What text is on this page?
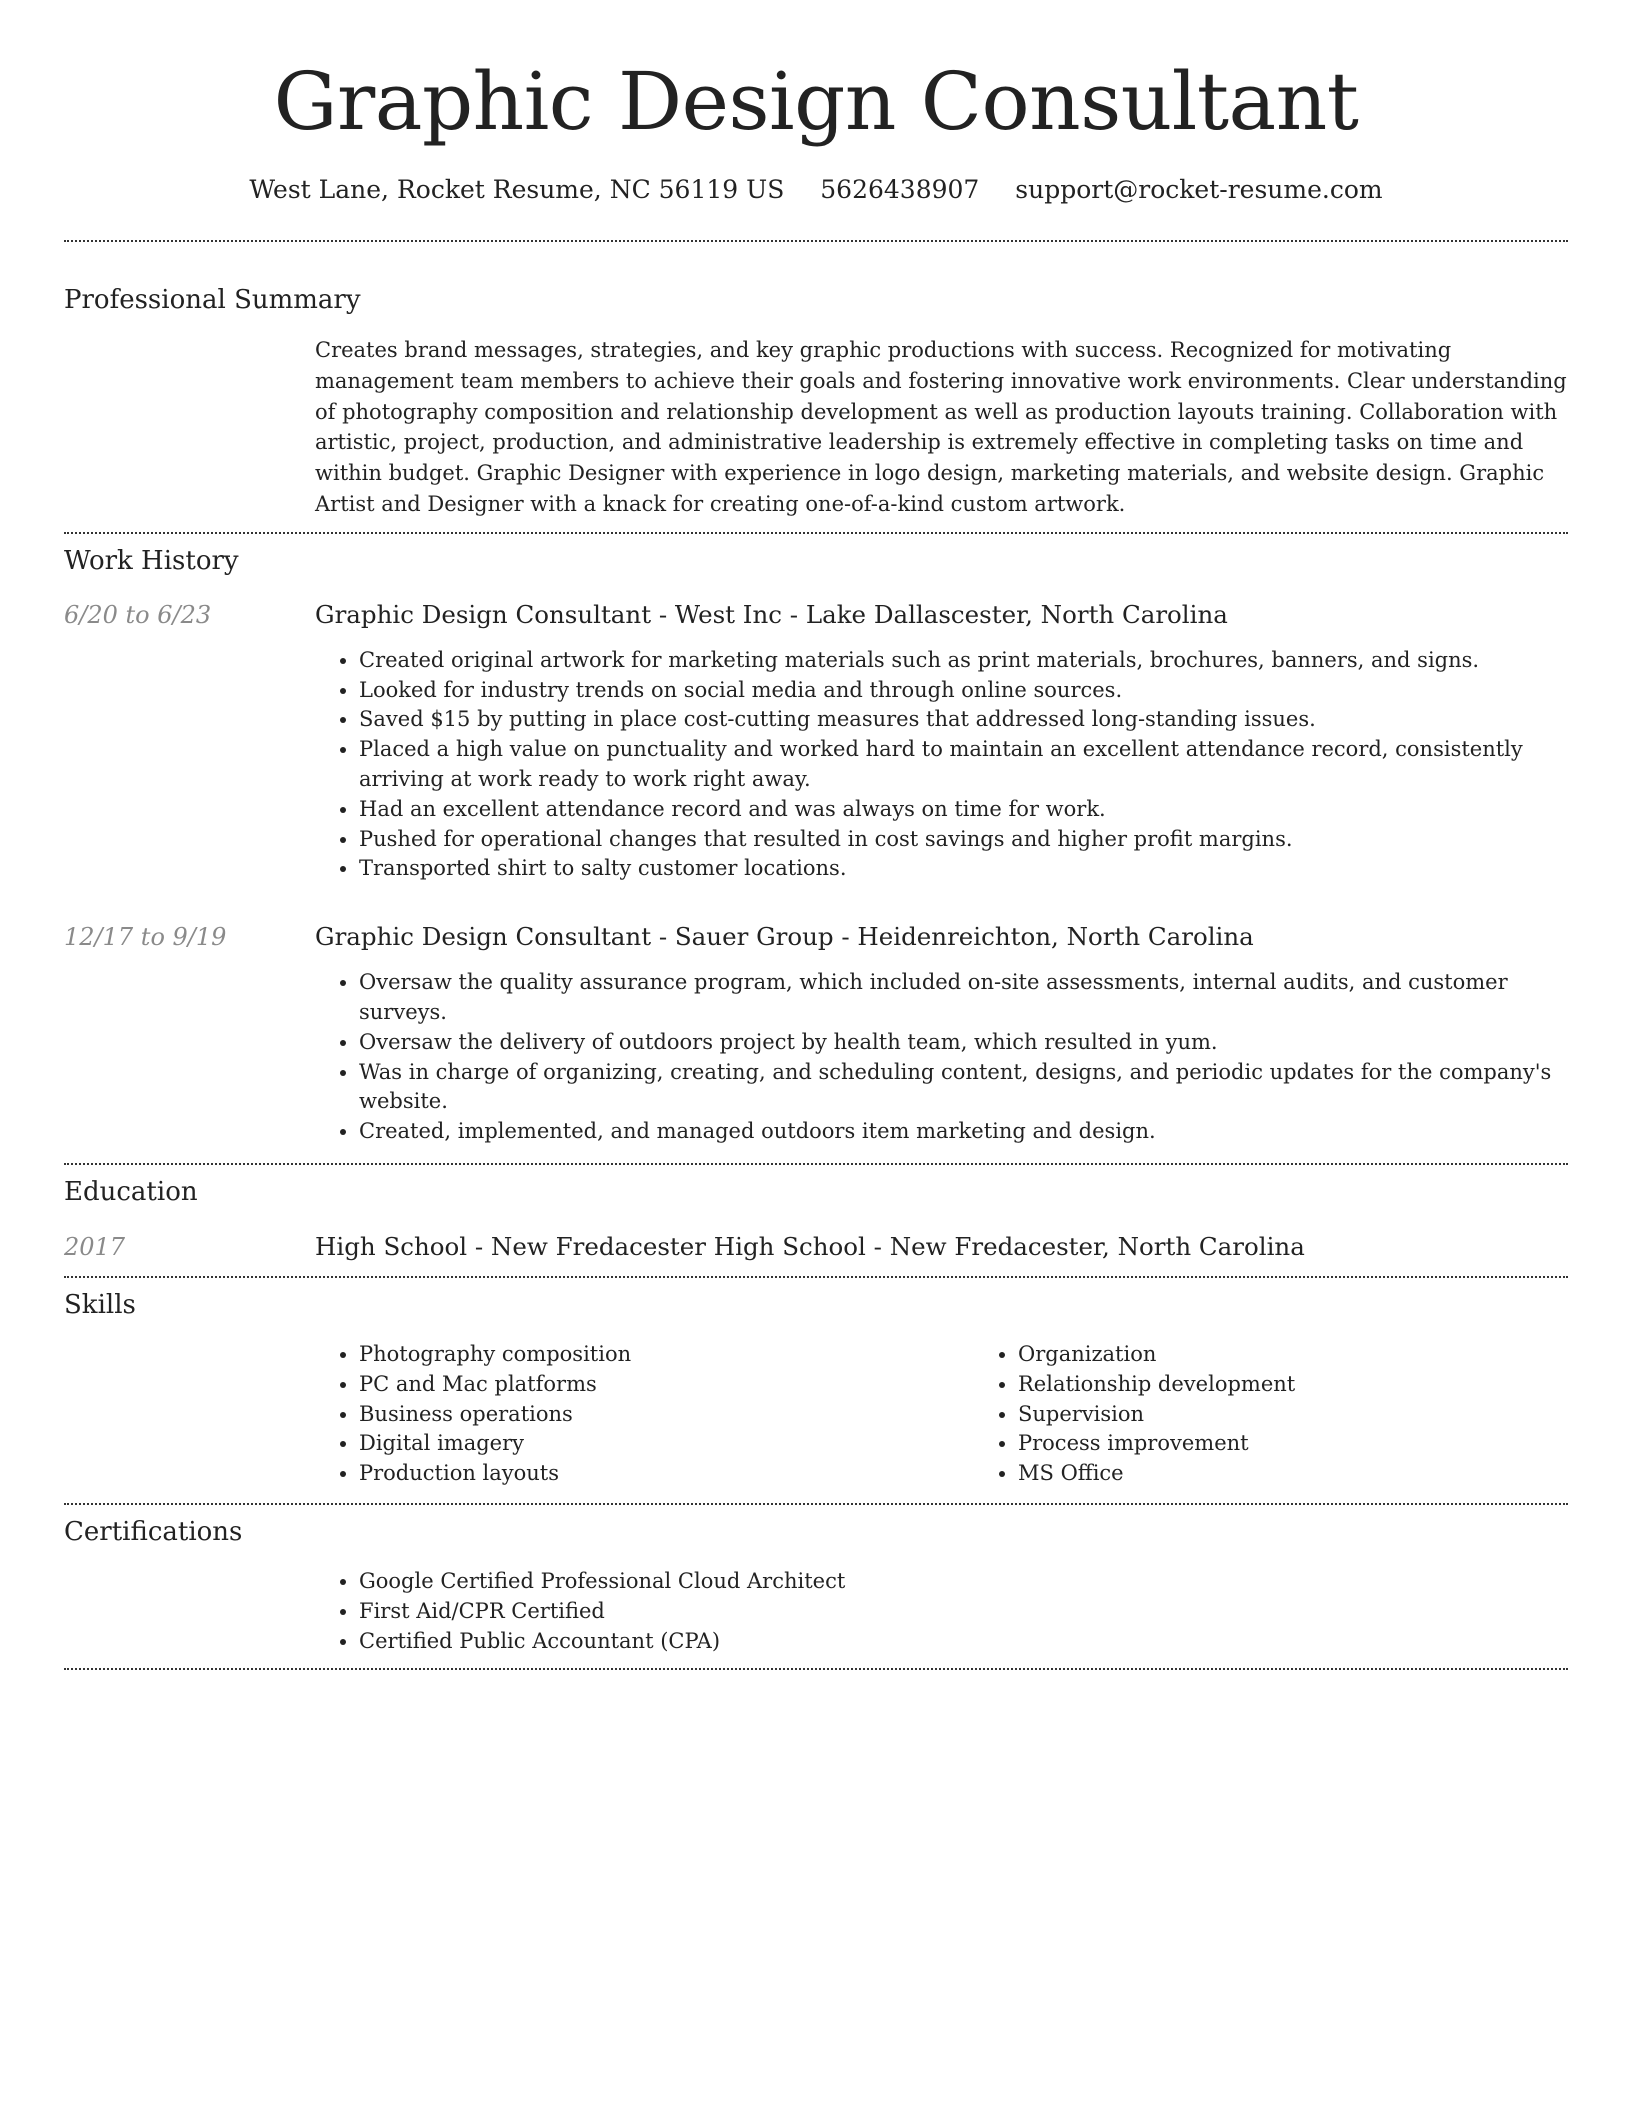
Graphic Design Consultant
West Lane, Rocket Resume, NC 56119 US 5626438907 support@rocket-resume.com
Professional Summary

Creates brand messages, strategies, and key graphic productions with success. Recognized for motivating management team members to achieve their goals and fostering innovative work environments. Clear understanding of photography composition and relationship development as well as production layouts training. Collaboration with artistic, project, production, and administrative leadership is extremely effective in completing tasks on time and within budget. Graphic Designer with experience in logo design, marketing materials, and website design. Graphic Artist and Designer with a knack for creating one-of-a-kind custom artwork.

Work History
6/20 to 6/23	Graphic Design Consultant - West Inc - Lake Dallascester, North Carolina

• Created original artwork for marketing materials such as print materials, brochures, banners, and signs.
• Looked for industry trends on social media and through online sources.
• Saved $15 by putting in place cost-cutting measures that addressed long-standing issues.
• Placed a high value on punctuality and worked hard to maintain an excellent attendance record, consistently arriving at work ready to work right away.
• Had an excellent attendance record and was always on time for work.
• Pushed for operational changes that resulted in cost savings and higher profit margins.
• Transported shirt to salty customer locations.
12/17 to 9/19	Graphic Design Consultant - Sauer Group - Heidenreichton, North Carolina

• Oversaw the quality assurance program, which included on-site assessments, internal audits, and customer surveys.
• Oversaw the delivery of outdoors project by health team, which resulted in yum.
• Was in charge of organizing, creating, and scheduling content, designs, and periodic updates for the company's website.
• Created, implemented, and managed outdoors item marketing and design.
Education
2017	High School - New Fredacester High School - New Fredacester, North Carolina

Skills
• Photography composition
• PC and Mac platforms
• Business operations
• Digital imagery
• Production layouts
• Organization
• Relationship development
• Supervision
• Process improvement
• MS Office
Certifications
• Google Certified Professional Cloud Architect
• First Aid/CPR Certified
• Certified Public Accountant (CPA)
